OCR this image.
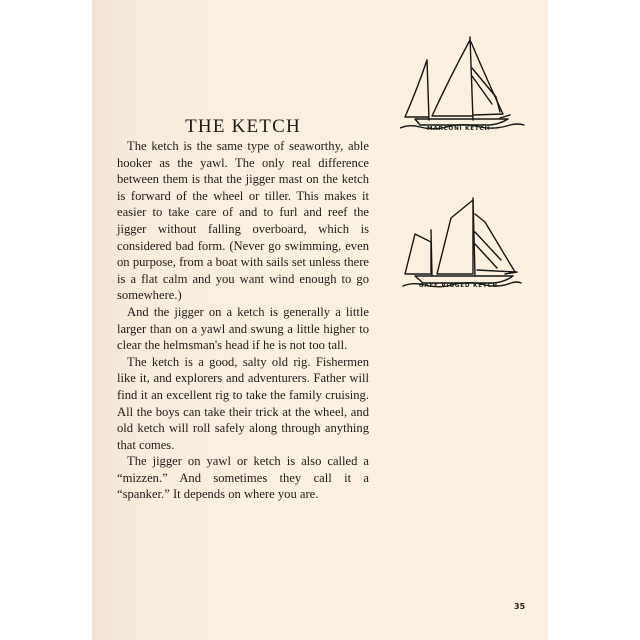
THE KETCH

The ketch is the same type of seaworthy, able hooker as the yawl. The only real difference between them is that the jigger mast on the ketch is forward of the wheel or tiller. This makes it easier to take care of and to furl and reef the jigger without falling overboard, which is considered bad form. (Never go swimming, even on purpose, from a boat with sails set unless there is a flat calm and you want wind enough to go somewhere.)

And the jigger on a ketch is generally a little larger than on a yawl and swung a little higher to clear the helmsman's head if he is not too tall.

The ketch is a good, salty old rig. Fishermen like it, and explorers and adventurers. Father will find it an excellent rig to take the family cruising. All the boys can take their trick at the wheel, and old ketch will roll safely along through anything that comes.

The jigger on yawl or ketch is also called a “mizzen.” And sometimes they call it a “spanker.” It depends on where you are.

MARCONI KETCH
GAFF RIGGED KETCH
35
